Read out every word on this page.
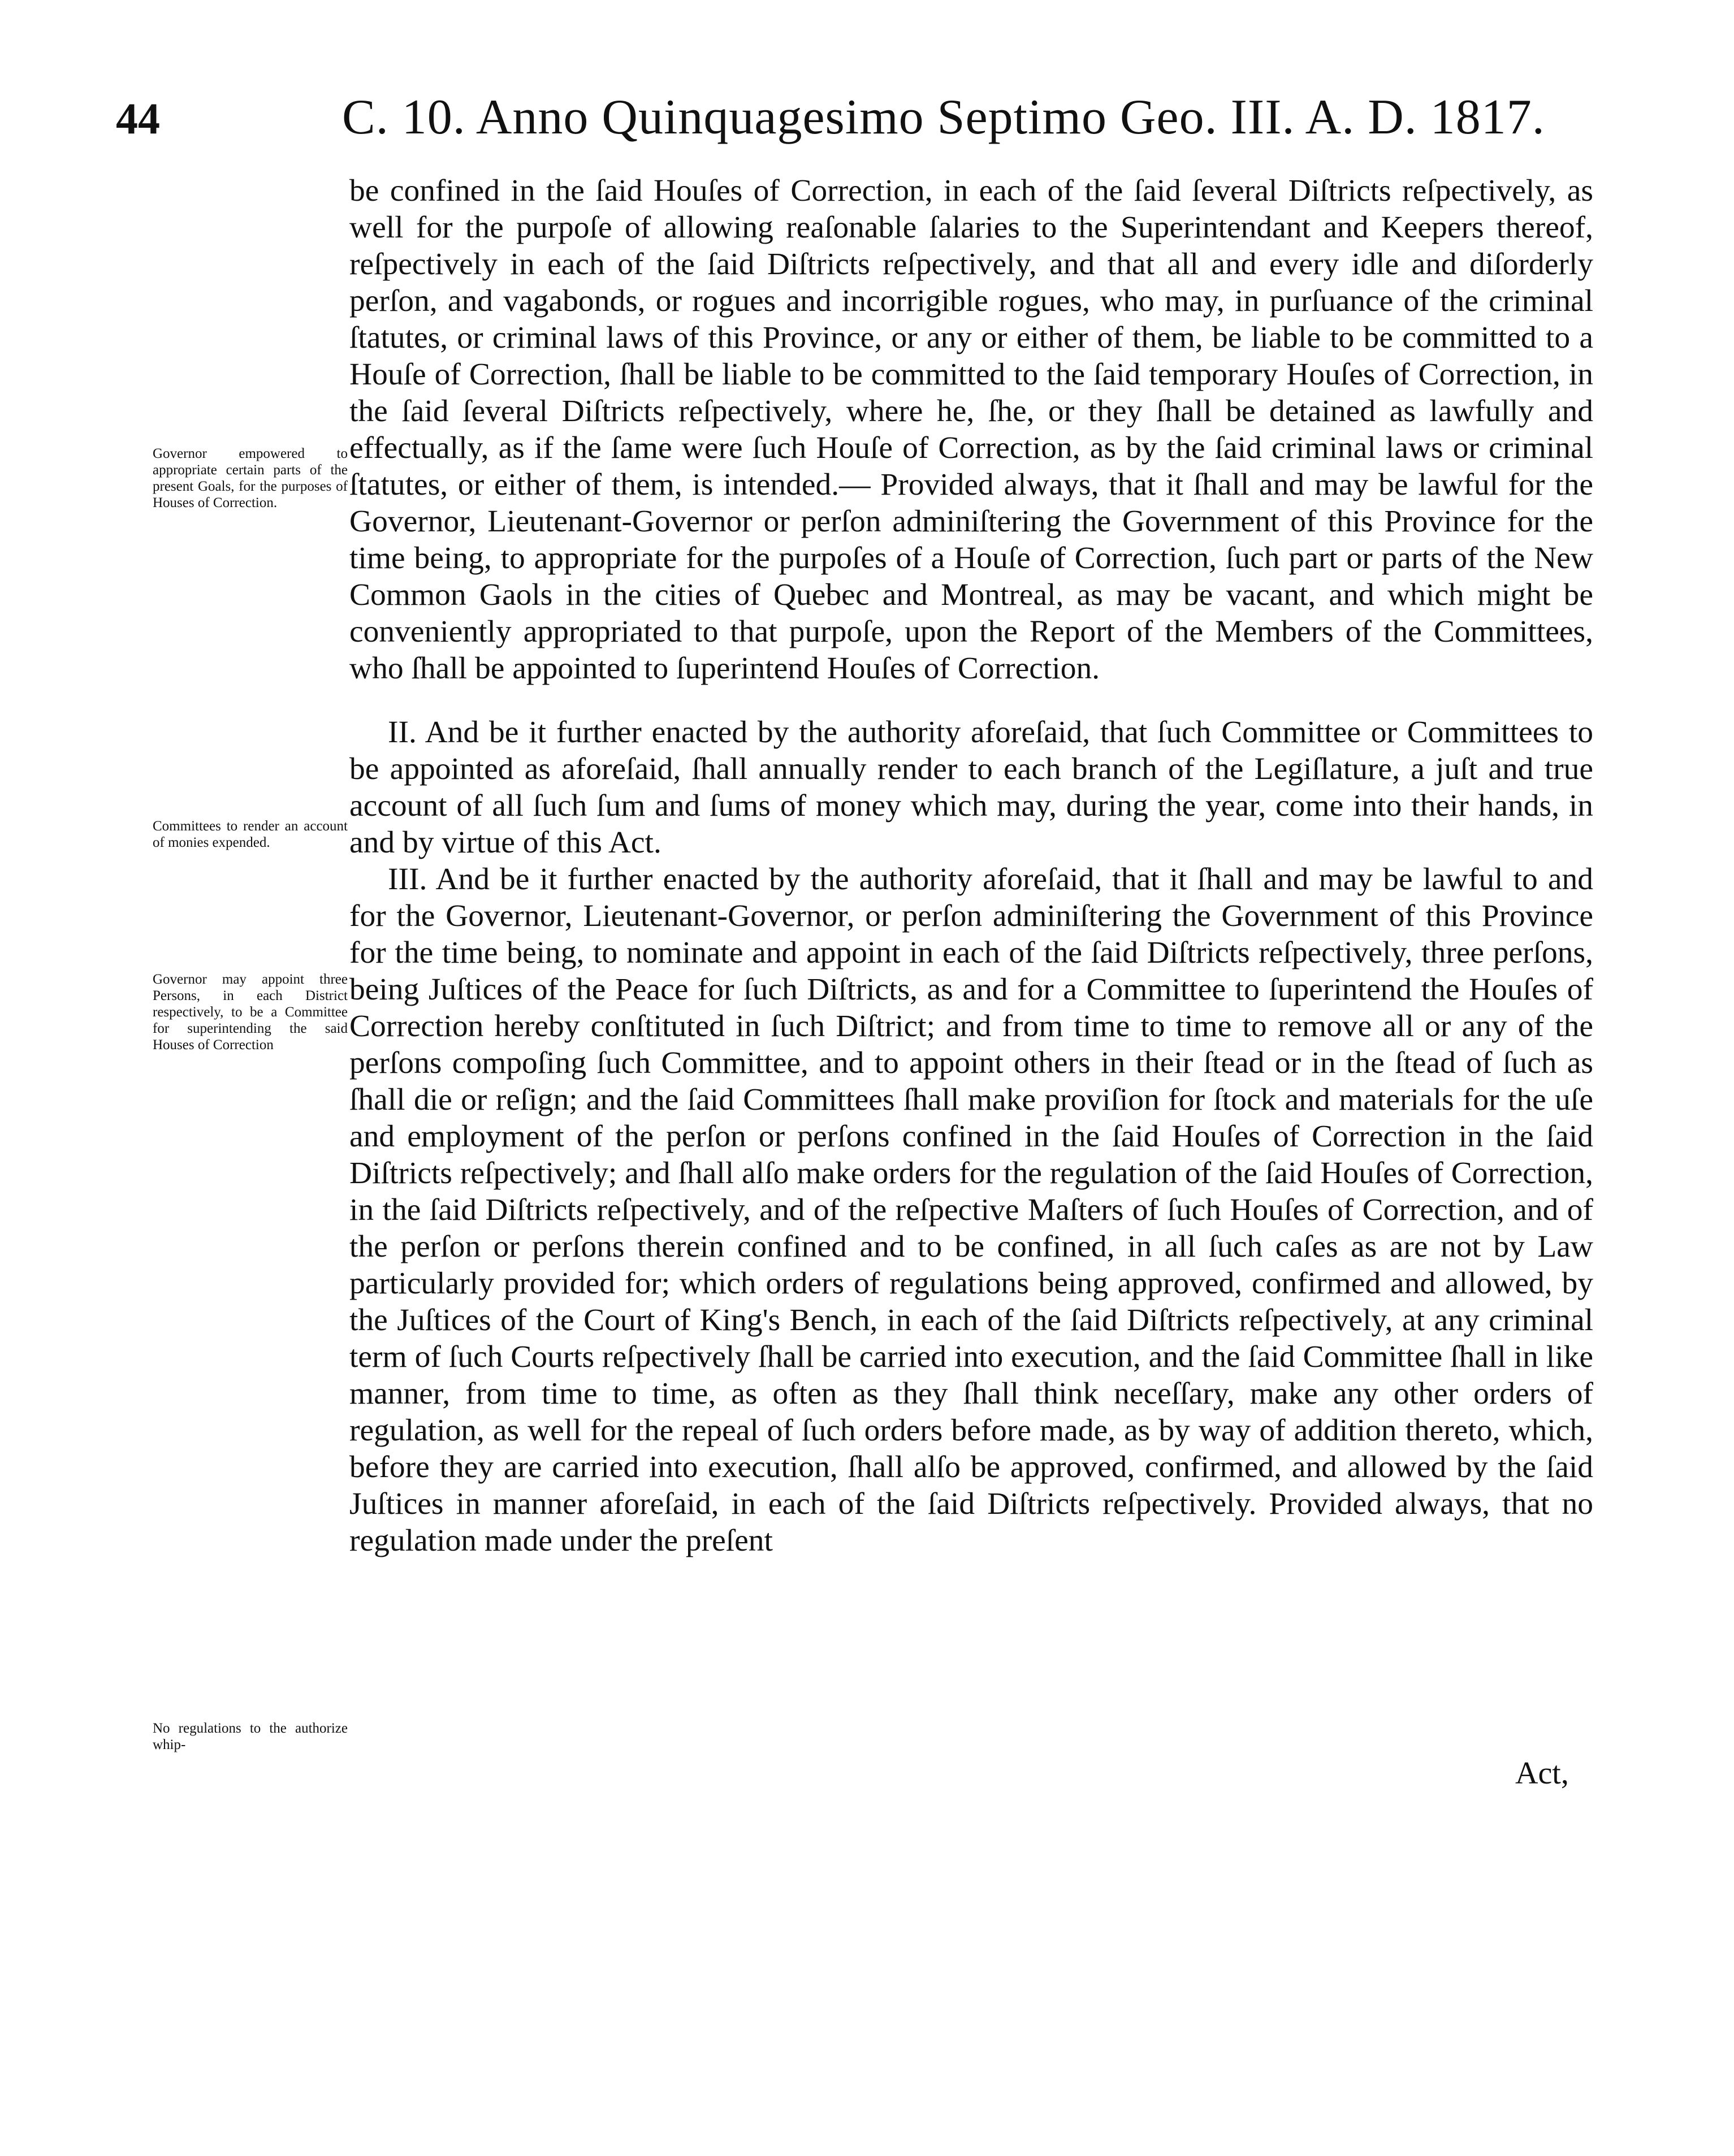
44	C. 10. Anno Quinquagesimo Septimo Geo. III. A. D. 1817.
Governor empowered to appropriate certain parts of the present Goals, for the purposes of Houses of Correction.
Committees to render an account of monies expended.
Governor may appoint three Persons, in each District respectively, to be a Committee for superintending the said Houses of Correction
No regulations to the authorize whip-

be confined in the ſaid Houſes of Correction, in each of the ſaid ſeveral Diſtricts reſpectively, as well for the purpoſe of allowing reaſonable ſalaries to the Superintendant and Keepers thereof, reſpectively in each of the ſaid Diſtricts reſpectively, and that all and every idle and diſorderly perſon, and vagabonds, or rogues and incorrigible rogues, who may, in purſuance of the criminal ſtatutes, or criminal laws of this Province, or any or either of them, be liable to be committed to a Houſe of Correction, ſhall be liable to be committed to the ſaid temporary Houſes of Correction, in the ſaid ſeveral Diſtricts reſpectively, where he, ſhe, or they ſhall be detained as lawfully and effectually, as if the ſame were ſuch Houſe of Correction, as by the ſaid criminal laws or criminal ſtatutes, or either of them, is intended.— Provided always, that it ſhall and may be lawful for the Governor, Lieutenant-Governor or perſon adminiſtering the Government of this Province for the time being, to appropriate for the purpoſes of a Houſe of Correction, ſuch part or parts of the New Common Gaols in the cities of Quebec and Montreal, as may be vacant, and which might be conveniently appropriated to that purpoſe, upon the Report of the Members of the Committees, who ſhall be appointed to ſuperintend Houſes of Correction.

II. And be it further enacted by the authority aforeſaid, that ſuch Committee or Committees to be appointed as aforeſaid, ſhall annually render to each branch of the Legiſlature, a juſt and true account of all ſuch ſum and ſums of money which may, during the year, come into their hands, in and by virtue of this Act.

III. And be it further enacted by the authority aforeſaid, that it ſhall and may be lawful to and for the Governor, Lieutenant-Governor, or perſon adminiſtering the Government of this Province for the time being, to nominate and appoint in each of the ſaid Diſtricts reſpectively, three perſons, being Juſtices of the Peace for ſuch Diſtricts, as and for a Committee to ſuperintend the Houſes of Correction hereby conſtituted in ſuch Diſtrict; and from time to time to remove all or any of the perſons compoſing ſuch Committee, and to appoint others in their ſtead or in the ſtead of ſuch as ſhall die or reſign; and the ſaid Committees ſhall make proviſion for ſtock and materials for the uſe and employment of the perſon or perſons confined in the ſaid Houſes of Correction in the ſaid Diſtricts reſpectively; and ſhall alſo make orders for the regulation of the ſaid Houſes of Correction, in the ſaid Diſtricts reſpectively, and of the reſpective Maſters of ſuch Houſes of Correction, and of the perſon or perſons therein confined and to be confined, in all ſuch caſes as are not by Law particularly provided for; which orders of regulations being approved, confirmed and allowed, by the Juſtices of the Court of King's Bench, in each of the ſaid Diſtricts reſpectively, at any criminal term of ſuch Courts reſpectively ſhall be carried into execution, and the ſaid Committee ſhall in like manner, from time to time, as often as they ſhall think neceſſary, make any other orders of regulation, as well for the repeal of ſuch orders before made, as by way of addition thereto, which, before they are carried into execution, ſhall alſo be approved, confirmed, and allowed by the ſaid Juſtices in manner aforeſaid, in each of the ſaid Diſtricts reſpectively. Provided always, that no regulation made under the preſent

Act,
